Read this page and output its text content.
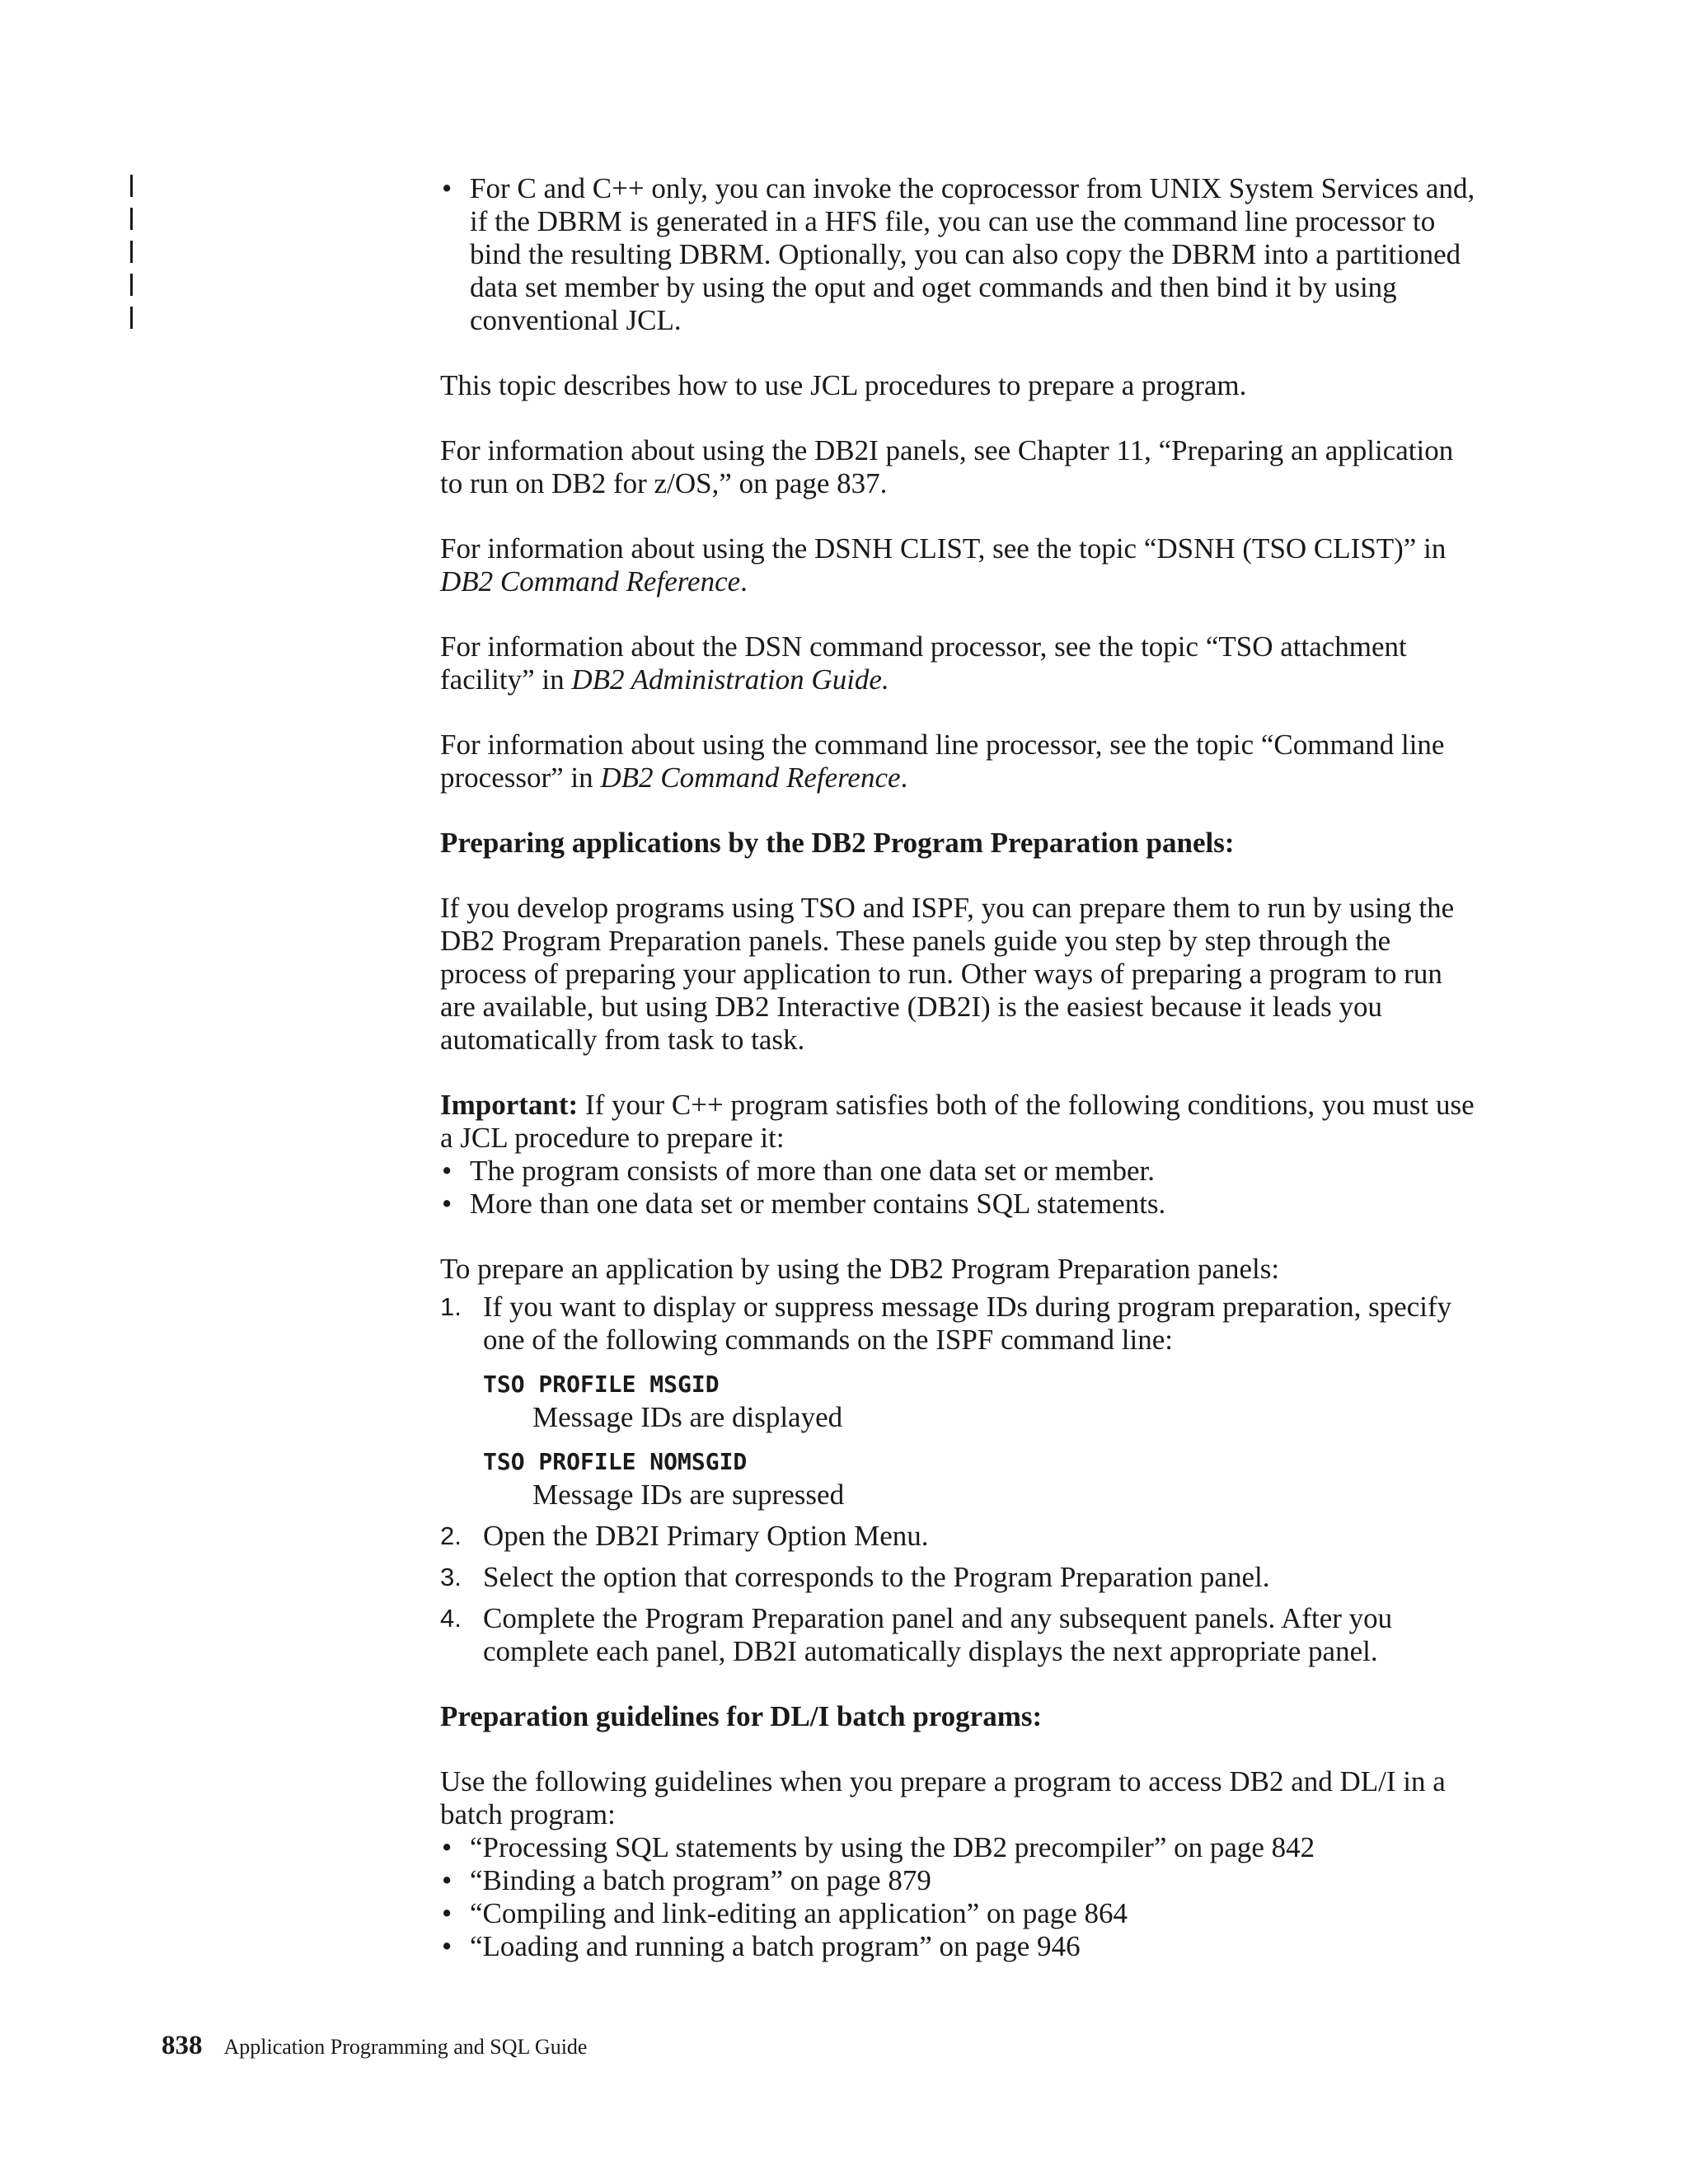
• For C and C++ only, you can invoke the coprocessor from UNIX System Services and, if the DBRM is generated in a HFS file, you can use the command line processor to bind the resulting DBRM. Optionally, you can also copy the DBRM into a partitioned data set member by using the oput and oget commands and then bind it by using conventional JCL.

This topic describes how to use JCL procedures to prepare a program.

For information about using the DB2I panels, see Chapter 11, “Preparing an application to run on DB2 for z/OS,” on page 837.

For information about using the DSNH CLIST, see the topic “DSNH (TSO CLIST)” in DB2 Command Reference.

For information about the DSN command processor, see the topic “TSO attachment facility” in DB2 Administration Guide.

For information about using the command line processor, see the topic “Command line processor” in DB2 Command Reference.

Preparing applications by the DB2 Program Preparation panels:

If you develop programs using TSO and ISPF, you can prepare them to run by using the DB2 Program Preparation panels. These panels guide you step by step through the process of preparing your application to run. Other ways of preparing a program to run are available, but using DB2 Interactive (DB2I) is the easiest because it leads you automatically from task to task.

Important: If your C++ program satisfies both of the following conditions, you must use a JCL procedure to prepare it:

• The program consists of more than one data set or member.
• More than one data set or member contains SQL statements.

To prepare an application by using the DB2 Program Preparation panels:

1. If you want to display or suppress message IDs during program preparation, specify one of the following commands on the ISPF command line:
TSO PROFILE MSGID
Message IDs are displayed
TSO PROFILE NOMSGID
Message IDs are supressed
2. Open the DB2I Primary Option Menu.
3. Select the option that corresponds to the Program Preparation panel.
4. Complete the Program Preparation panel and any subsequent panels. After you complete each panel, DB2I automatically displays the next appropriate panel.
Preparation guidelines for DL/I batch programs:

Use the following guidelines when you prepare a program to access DB2 and DL/I in a batch program:

• “Processing SQL statements by using the DB2 precompiler” on page 842
• “Binding a batch program” on page 879
• “Compiling and link-editing an application” on page 864
• “Loading and running a batch program” on page 946
838 Application Programming and SQL Guide
